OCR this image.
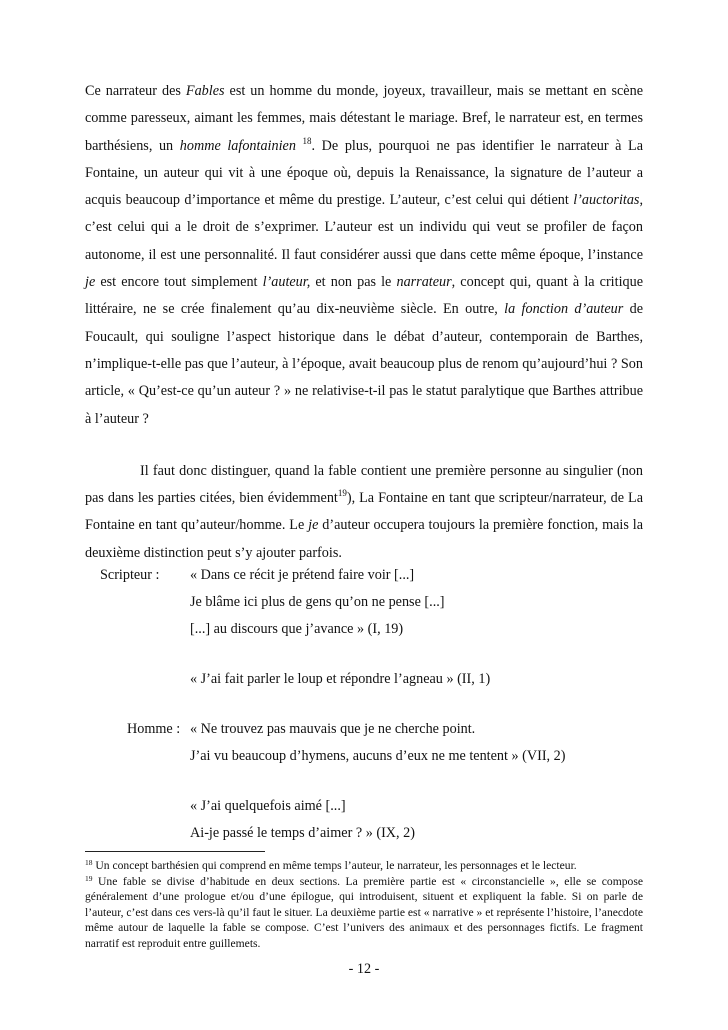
Ce narrateur des Fables est un homme du monde, joyeux, travailleur, mais se mettant en scène comme paresseux, aimant les femmes, mais détestant le mariage. Bref, le narrateur est, en termes barthésiens, un homme lafontainien $^{18}$. De plus, pourquoi ne pas identifier le narrateur à La Fontaine, un auteur qui vit à une époque où, depuis la Renaissance, la signature de l’auteur a acquis beaucoup d’importance et même du prestige. L’auteur, c’est celui qui détient l’auctoritas, c’est celui qui a le droit de s’exprimer. L’auteur est un individu qui veut se profiler de façon autonome, il est une personnalité. Il faut considérer aussi que dans cette même époque, l’instance je est encore tout simplement l’auteur, et non pas le narrateur, concept qui, quant à la critique littéraire, ne se crée finalement qu’au dix-neuvième siècle. En outre, la fonction d’auteur de Foucault, qui souligne l’aspect historique dans le débat d’auteur, contemporain de Barthes, n’implique-t-elle pas que l’auteur, à l’époque, avait beaucoup plus de renom qu’aujourd’hui ? Son article, « Qu’est-ce qu’un auteur ? » ne relativise-t-il pas le statut paralytique que Barthes attribue à l’auteur ?

Il faut donc distinguer, quand la fable contient une première personne au singulier (non pas dans les parties citées, bien évidemment$^{19}$), La Fontaine en tant que scripteur/narrateur, de La Fontaine en tant qu’auteur/homme. Le je d’auteur occupera toujours la première fonction, mais la deuxième distinction peut s’y ajouter parfois.

Scripteur : « Dans ce récit je prétend faire voir [...]
Je blâme ici plus de gens qu’on ne pense [...]
[...] au discours que j’avance » (I, 19)
« J’ai fait parler le loup et répondre l’agneau » (II, 1)
Homme : « Ne trouvez pas mauvais que je ne cherche point.
J’ai vu beaucoup d’hymens, aucuns d’eux ne me tentent » (VII, 2)
« J’ai quelquefois aimé [...]
Ai-je passé le temps d’aimer ? » (IX, 2)

$^{18}$ Un concept barthésien qui comprend en même temps l’auteur, le narrateur, les personnages et le lecteur.

$^{19}$ Une fable se divise d’habitude en deux sections. La première partie est « circonstancielle », elle se compose généralement d’une prologue et/ou d’une épilogue, qui introduisent, situent et expliquent la fable. Si on parle de l’auteur, c’est dans ces vers-là qu’il faut le situer. La deuxième partie est « narrative » et représente l’histoire, l’anecdote même autour de laquelle la fable se compose. C’est l’univers des animaux et des personnages fictifs. Le fragment narratif est reproduit entre guillemets.

- 12 -
